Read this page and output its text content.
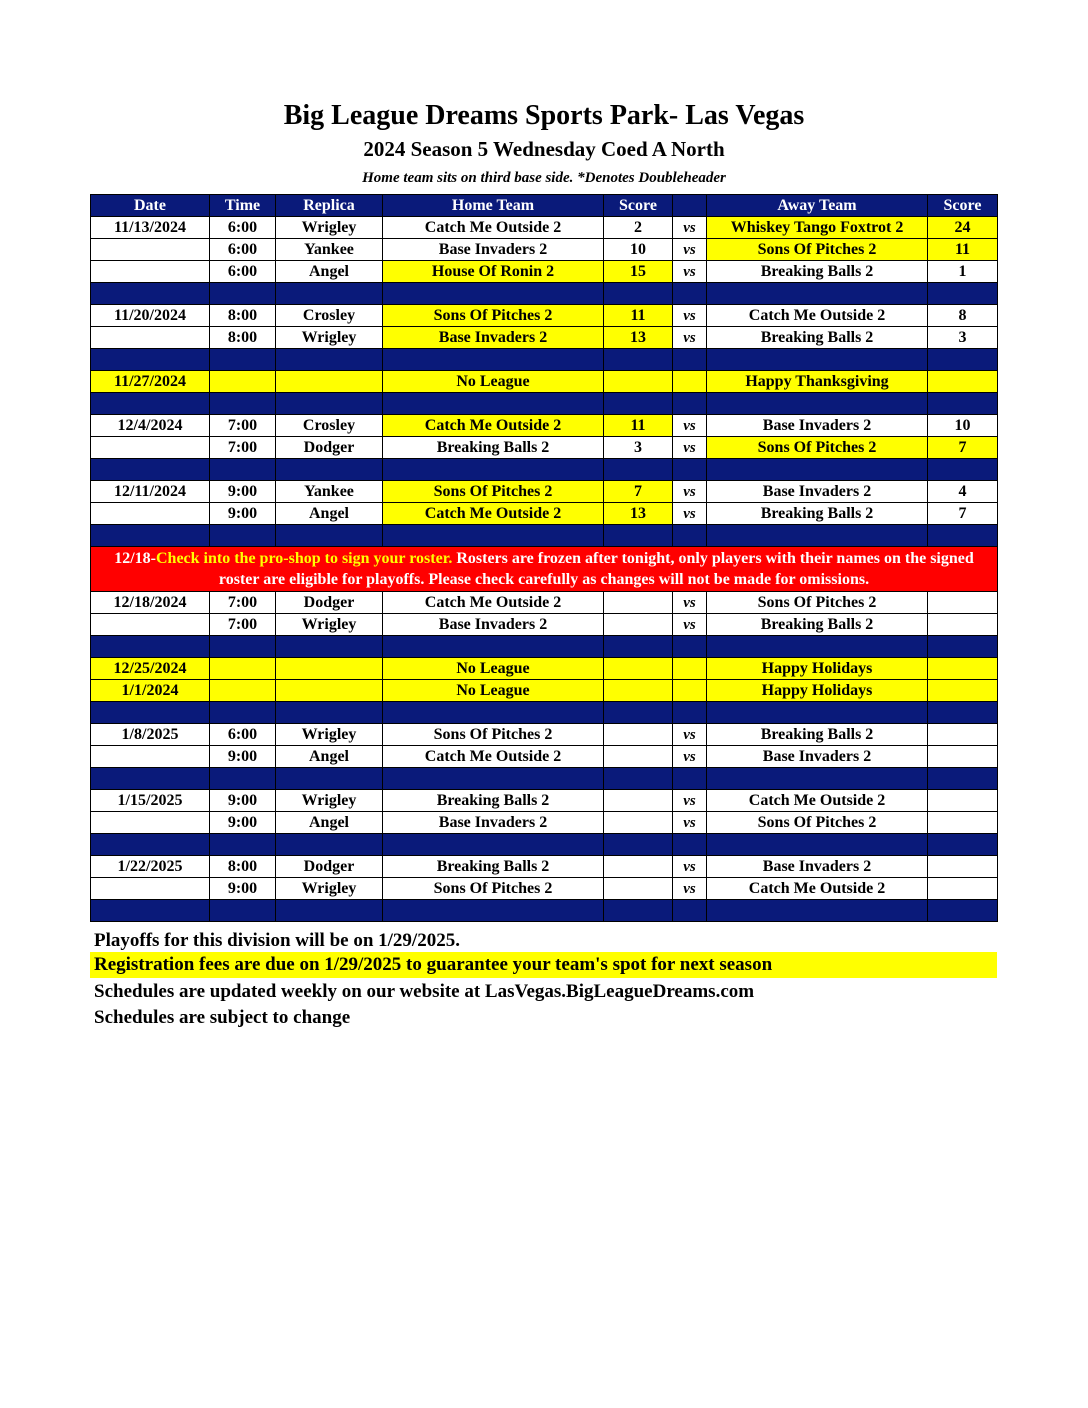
Big League Dreams Sports Park- Las Vegas
2024 Season 5 Wednesday Coed A North
Home team sits on third base side. *Denotes Doubleheader
Date	Time	Replica	Home Team	Score		Away Team	Score
11/13/2024	6:00	Wrigley	Catch Me Outside 2	2	vs	Whiskey Tango Foxtrot 2	24
	6:00	Yankee	Base Invaders 2	10	vs	Sons Of Pitches 2	11
	6:00	Angel	House Of Ronin 2	15	vs	Breaking Balls 2	1

11/20/2024	8:00	Crosley	Sons Of Pitches 2	11	vs	Catch Me Outside 2	8
	8:00	Wrigley	Base Invaders 2	13	vs	Breaking Balls 2	3

11/27/2024			No League			Happy Thanksgiving	

12/4/2024	7:00	Crosley	Catch Me Outside 2	11	vs	Base Invaders 2	10
	7:00	Dodger	Breaking Balls 2	3	vs	Sons Of Pitches 2	7

12/11/2024	9:00	Yankee	Sons Of Pitches 2	7	vs	Base Invaders 2	4
	9:00	Angel	Catch Me Outside 2	13	vs	Breaking Balls 2	7

12/18-Check into the pro-shop to sign your roster. Rosters are frozen after tonight, only players with their names on the signed roster are eligible for playoffs. Please check carefully as changes will not be made for omissions.							
12/18/2024	7:00	Dodger	Catch Me Outside 2		vs	Sons Of Pitches 2	
	7:00	Wrigley	Base Invaders 2		vs	Breaking Balls 2	

12/25/2024			No League			Happy Holidays	
1/1/2024			No League			Happy Holidays	

1/8/2025	6:00	Wrigley	Sons Of Pitches 2		vs	Breaking Balls 2	
	9:00	Angel	Catch Me Outside 2		vs	Base Invaders 2	

1/15/2025	9:00	Wrigley	Breaking Balls 2		vs	Catch Me Outside 2	
	9:00	Angel	Base Invaders 2		vs	Sons Of Pitches 2	

1/22/2025	8:00	Dodger	Breaking Balls 2		vs	Base Invaders 2	
	9:00	Wrigley	Sons Of Pitches 2		vs	Catch Me Outside 2	

Playoffs for this division will be on 1/29/2025.
Registration fees are due on 1/29/2025 to guarantee your team's spot for next season
Schedules are updated weekly on our website at LasVegas.BigLeagueDreams.com
Schedules are subject to change
